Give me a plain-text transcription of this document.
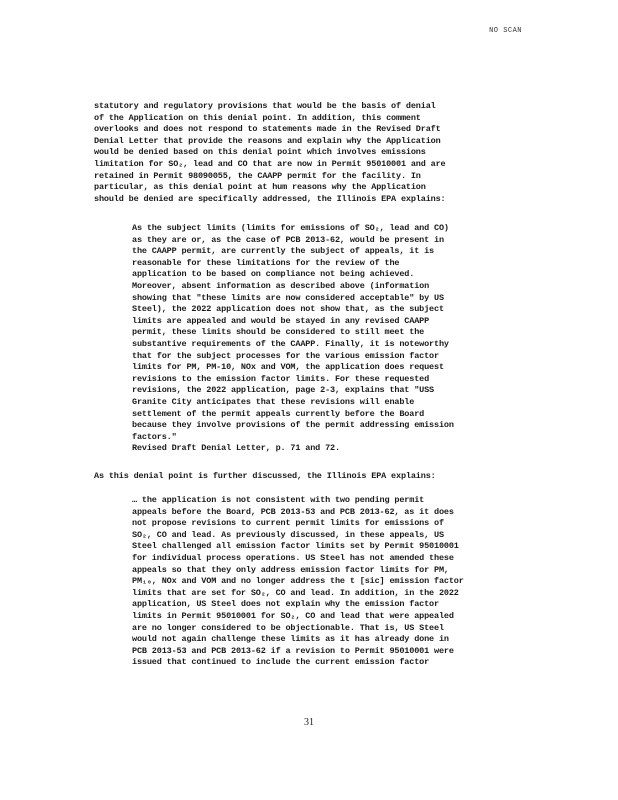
NO SCAN
statutory and regulatory provisions that would be the basis of denial
of the Application on this denial point. In addition, this comment
overlooks and does not respond to statements made in the Revised Draft
Denial Letter that provide the reasons and explain why the Application
would be denied based on this denial point which involves emissions
limitation for SO₂, lead and CO that are now in Permit 95010001 and are
retained in Permit 98090055, the CAAPP permit for the facility. In
particular, as this denial point at hum reasons why the Application
should be denied are specifically addressed, the Illinois EPA explains:
As the subject limits (limits for emissions of SO₂, lead and CO)
as they are or, as the case of PCB 2013-62, would be present in
the CAAPP permit, are currently the subject of appeals, it is
reasonable for these limitations for the review of the
application to be based on compliance not being achieved.
Moreover, absent information as described above (information
showing that "these limits are now considered acceptable" by US
Steel), the 2022 application does not show that, as the subject
limits are appealed and would be stayed in any revised CAAPP
permit, these limits should be considered to still meet the
substantive requirements of the CAAPP. Finally, it is noteworthy
that for the subject processes for the various emission factor
limits for PM, PM-10, NOx and VOM, the application does request
revisions to the emission factor limits. For these requested
revisions, the 2022 application, page 2-3, explains that "USS
Granite City anticipates that these revisions will enable
settlement of the permit appeals currently before the Board
because they involve provisions of the permit addressing emission
factors."
Revised Draft Denial Letter, p. 71 and 72.
As this denial point is further discussed, the Illinois EPA explains:
… the application is not consistent with two pending permit
appeals before the Board, PCB 2013-53 and PCB 2013-62, as it does
not propose revisions to current permit limits for emissions of
SO₂, CO and lead. As previously discussed, in these appeals, US
Steel challenged all emission factor limits set by Permit 95010001
for individual process operations. US Steel has not amended these
appeals so that they only address emission factor limits for PM,
PM₁₀, NOx and VOM and no longer address the t [sic] emission factor
limits that are set for SO₂, CO and lead. In addition, in the 2022
application, US Steel does not explain why the emission factor
limits in Permit 95010001 for SO₂, CO and lead that were appealed
are no longer considered to be objectionable. That is, US Steel
would not again challenge these limits as it has already done in
PCB 2013-53 and PCB 2013-62 if a revision to Permit 95010001 were
issued that continued to include the current emission factor
31
